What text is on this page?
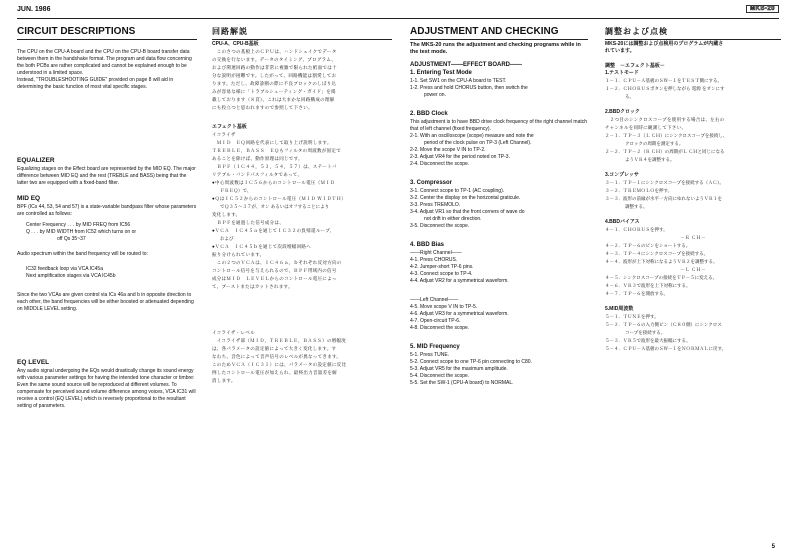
JUN. 1986	MKS-20
CIRCUIT DESCRIPTIONS

The CPU on the CPU-A board and the CPU on the CPU-B board transfer data between them in the handshake format. The program and data flow concerning the both PCBs are rather complicated and cannot be explained enough to be understood in a limited space.

Instead, "TROUBLESHOOTING GUIDE" provided on page 8 will aid in determining the basic function of most vital specific stages.

EQUALIZER

Equalizing stages on the Effect board are represented by the MID EQ. The major difference between MID EQ and the rest (TREBLE and BASS) being that the latter two are equipped with a fixed-band filter.

MID EQ

BPF (ICs 44, 53, 54 and 57) is a state-variable bandpass filter whose parameters are controlled as follows:

Center Frequency . . . by MID FREQ from IC56

Q . . . by MID WIDTH from IC52 which turns on or

off Qs 35~37

Audio spectrum within the band frequency will be routed to:

IC32 feedback loop via VCA IC45a

Next amplification stages via VCA IC45b

Since the two VCAs are given control via ICs 46a and b in opposite direction to each other, the band frequencies will be either boosted or attenuated depending on MIDDLE LEVEL setting.

EQ LEVEL

Any audio signal undergoing the EQs would drastically change its sound energy with various parameter settings for having the intended tone character or timbre: Even the same sound source will be reproduced at different volumes. To compensate for perceived sound volume difference among voices, VCA IC31 will receive a control (EQ LEVEL) which is reversely proportional to the resultant setting of parameters.

回路解説
CPU-A、CPU-B基板

　このさつの基板上のＣＰＵは、ハンドシェイクでデータ

の交換を行ないます。データのタイミング、プログラム、

および関連回路の動作は非常に複雑で限られた紙面では十

分な説明が困難です。したがって、回路機能は割愛してお

ります。ただし、故障診断の際に不良ブロックのしぼり込

みが容易な様に「トラブルシューティング・ガイド」を掲

載しております（８頁）。これは大まかな回路構成の理解

にも役立つと思われますので参照して下さい。

エフェクト基板

イコライザ

　ＭＩＤ　ＥＱ回路を代表にして取り上げ説明します。

ＴＲＥＢＬＥ，ＢＡＳＳ　ＥＱもフィルタの周波数が固定で

あることを除けば、動作原理は同じです。

　ＢＰＦ（ＩＣ４４，５３，５４，５７）は、ステートバ

リアブル・バンドパスフィルタであって、

●中心周波数はＩＣ５６からのコントロール電圧（ＭＩＤ

ＦＲＥＱ）で、

●ＱはＩＣ５２からのコントロール電圧（ＭＩＤ ＷＩＤＴＨ）

でＱ３５～３７が、オン あるいはオフすることにより

変化します。

　ＢＰＦを通過した信号成分は、

●ＶＣＡ　ＩＣ４５ａを通じてＩＣ３２の負帰還ループ、

および

●ＶＣＡ　ＩＣ４５ｂを通じて次段増幅回路へ

振り分けられています。

　この２つのＶＣＡは、ＩＣ４６ａ，ｂそれぞれ反対方向の

コントロール信号を与えられるので、ＢＰＦ帯域内の信号

成分はＭＩＤ　ＬＥＶＥＬからのコントロール電圧によっ

て、ブーストまたはカットされます。

イコライザ・レベル

　イコライザ部（ＭＩＤ，ＴＲＥＢＬＥ，ＢＡＳＳ）の増幅度

は、各パラメータの設定値によって大きく変化します。す

なわち、音色によって音声信号のレベルが異なってきます。

このためＶＣＡ（ＩＣ３１）には、パラメータの設定値に反比

例したコントロール電圧が加えられ、最終出力音量差を解

消します。

ADJUSTMENT AND CHECKING
The MKS-20 runs the adjustment and checking programs while in the test mode.
ADJUSTMENT――EFFECT BOARD――
1. Entering Test Mode

1-1. Set SW1 on the CPU-A board to TEST.

1-2. Press and hold CHORUS button, then switch the

power on.

2. BBD Clock

This adjustment is to have BBD drive clock frequency of the right channel match that of left channel (fixed frequency).

2-1. With an oscilloscope (scope) measure and note the

period of the clock pulse on TP-3 (Left Channel).

2-2. Move the scope V IN to TP-2.

2-3. Adjust VR4 for the period noted on TP-3.

2-4. Disconnect the scope.

3. Compressor

3-1. Connect scope to TP-1 (AC coupling).

3-2. Center the display on the horizontal graticule.

3-3. Press TREMOLO.

3-4. Adjust VR1 so that the front corners of wave do

not drift in either direction.

3-5. Disconnect the scope.

4. BBD Bias

――Right Channel――

4-1. Press CHORUS.

4-2. Jumper-short TP-6 pins.

4-3. Connect scope to TP-4.

4-4. Adjust VR2 for a symmetrical waveform.

――Left Channel――

4-5. Move scope V IN to TP-5.

4-6. Adjust VR3 for a symmetrical waveform.

4-7. Open-circuit TP-6.

4-8. Disconnect the scope.

5. MID Frequency

5-1. Press TUNE.

5-2. Connect scope to one TP-6 pin connecting to C80.

5-3. Adjust VR5 for the maximum amplitude.

5-4. Disconnect the scope.

5-5. Set the SW-1 (CPU-A board) to NORMAL.

調整および点検

MKS-20には調整および点検用のプログラムが内蔵さ

れています。

調整　－エフェクト基板－

1.テストモード

１－１．ＣＰＵ－Ａ基板のＳＷ－１をＴＥＳＴ側にする。

１－２．ＣＨＯＲＵＳボタンを押しながら 電源 をオンにす

る。

2.BBDクロック

　２つ目のシンクロスコープを使用する場合は、左右の

チャンネルを同時に観測して下さい。

２－１．ＴＰ－３（Ｌ ＣＨ）にシンクロスコープを接続し、

クロックの周期を測定する。

２－２．ＴＰ－２（Ｒ ＣＨ）の周期がＬ ＣＨと同じになる

ようＶＲ４を調整する。

3.コンプレッサ

３－１．ＴＰ－１にシンクロスコープを接続する（ＡＣ）。

３－２．ＴＲＥＭＯＬＯを押す。

３－３．波形の前縁が水平一方向にゆれないようＶＲ１を

調整する。

4.BBDバイアス

４－１．ＣＨＯＲＵＳを押す。

－Ｒ ＣＨ－

４－２．ＴＰ－６のピンをショートする。

４－３．ＴＰ－４にシンクロスコープを接続する。

４－４．波形が上下対称になるようＶＲ２を調整する。

－Ｌ ＣＨ－

４－５．シンクロスコープの接続をＴＰ－５に変える。

４－６．ＶＲ３で波形を上下対称にする。

４－７．ＴＰ－６を開放する。

5.MID周波数

５－１．ＴＵＮＥを押す。

５－２．ＴＰ－６の入力側ピン（Ｃ８０側）にシンクロス

コープを接続する。

５－３．ＶＲ５で波形を最大振幅にする。

５－４．ＣＰＵ－Ａ基板のＳＷ－１をＮＯＲＭＡＬに戻す。

5
